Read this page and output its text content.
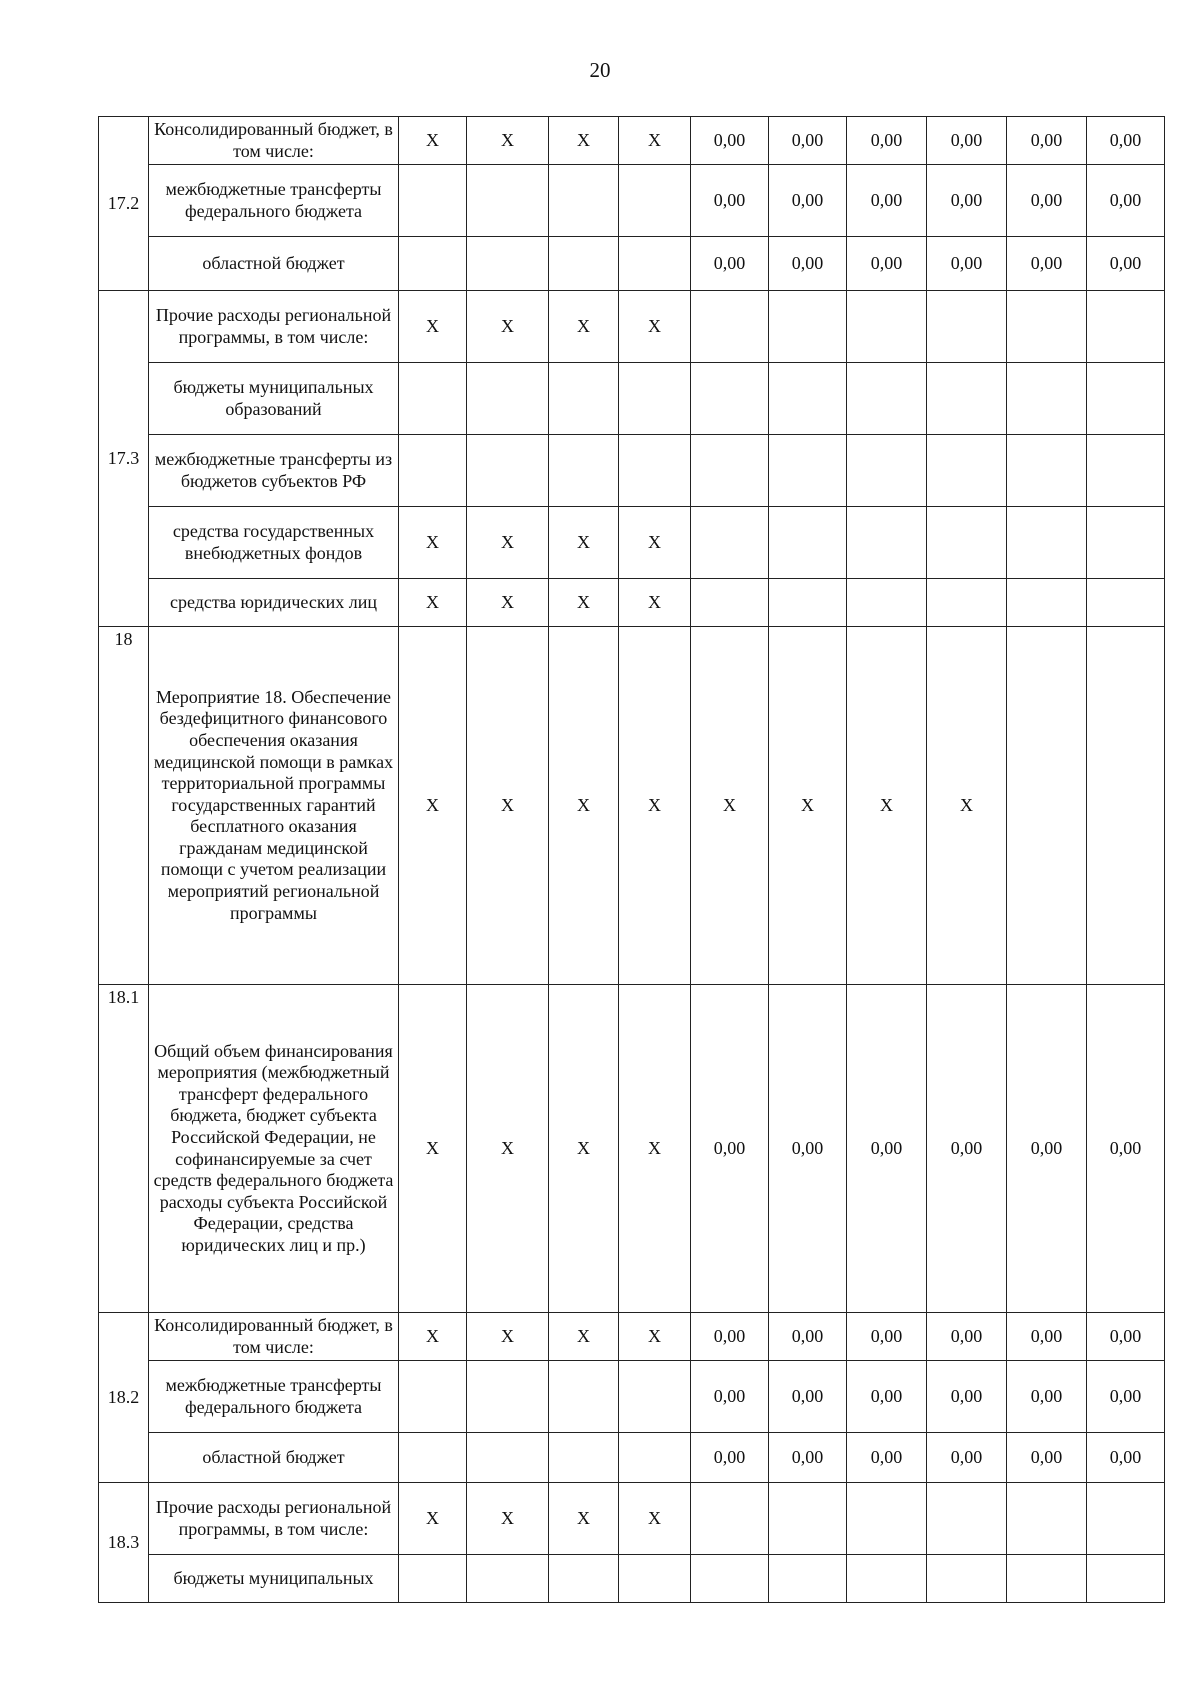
20
17.2	Консолидированный бюджет, в том числе:	X	X	X	X	0,00	0,00	0,00	0,00	0,00	0,00
	межбюджетные трансферты федерального бюджета					0,00	0,00	0,00	0,00	0,00	0,00
	областной бюджет					0,00	0,00	0,00	0,00	0,00	0,00
17.3	Прочие расходы региональной программы, в том числе:	X	X	X	X						
	бюджеты муниципальных образований										
	межбюджетные трансферты из бюджетов субъектов РФ										
	средства государственных внебюджетных фондов	X	X	X	X						
	средства юридических лиц	X	X	X	X						
18	Мероприятие 18. Обеспечение бездефицитного финансового обеспечения оказания медицинской помощи в рамках территориальной программы государственных гарантий бесплатного оказания гражданам медицинской помощи с учетом реализации мероприятий региональной программы	X	X	X	X	X	X	X	X		
18.1	Общий объем финансирования мероприятия (межбюджетный трансферт федерального бюджета, бюджет субъекта Российской Федерации, не софинансируемые за счет средств федерального бюджета расходы субъекта Российской Федерации, средства юридических лиц и пр.)	X	X	X	X	0,00	0,00	0,00	0,00	0,00	0,00
18.2	Консолидированный бюджет, в том числе:	X	X	X	X	0,00	0,00	0,00	0,00	0,00	0,00
	межбюджетные трансферты федерального бюджета					0,00	0,00	0,00	0,00	0,00	0,00
	областной бюджет					0,00	0,00	0,00	0,00	0,00	0,00
18.3	Прочие расходы региональной программы, в том числе:	X	X	X	X						
	бюджеты муниципальных										
